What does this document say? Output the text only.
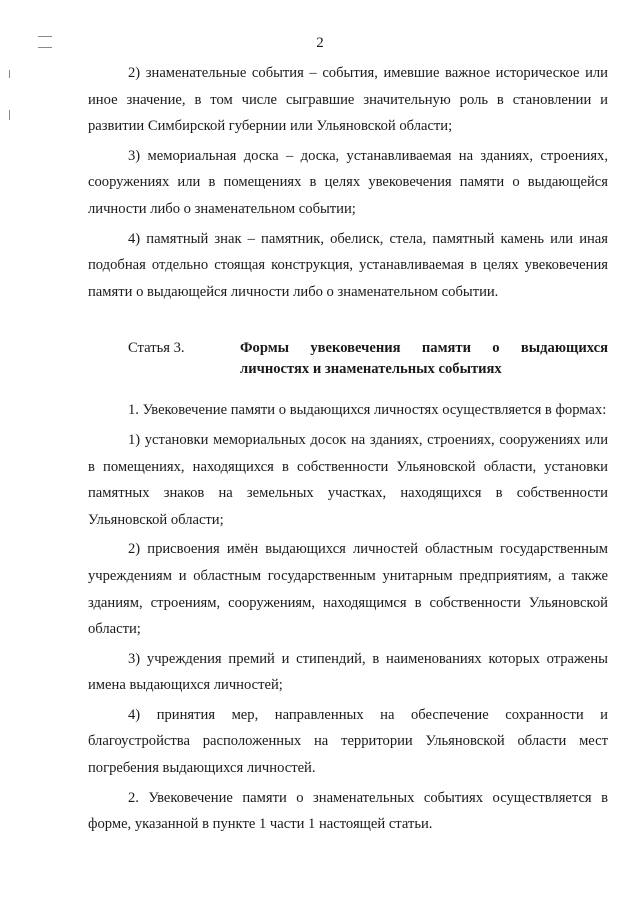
2

2) знаменательные события – события, имевшие важное историческое или иное значение, в том числе сыгравшие значительную роль в становлении и развитии Симбирской губернии или Ульяновской области;

3) мемориальная доска – доска, устанавливаемая на зданиях, строениях, сооружениях или в помещениях в целях увековечения памяти о выдающейся личности либо о знаменательном событии;

4) памятный знак – памятник, обелиск, стела, памятный камень или иная подобная отдельно стоящая конструкция, устанавливаемая в целях увековечения памяти о выдающейся личности либо о знаменательном событии.

Статья 3.	Формы увековечения памяти о выдающихся личностях и знаменательных событиях

1. Увековечение памяти о выдающихся личностях осуществляется в формах:

1) установки мемориальных досок на зданиях, строениях, сооружениях или в помещениях, находящихся в собственности Ульяновской области, установки памятных знаков на земельных участках, находящихся в собственности Ульяновской области;

2) присвоения имён выдающихся личностей областным государственным учреждениям и областным государственным унитарным предприятиям, а также зданиям, строениям, сооружениям, находящимся в собственности Ульяновской области;

3) учреждения премий и стипендий, в наименованиях которых отражены имена выдающихся личностей;

4) принятия мер, направленных на обеспечение сохранности и благоустройства расположенных на территории Ульяновской области мест погребения выдающихся личностей.

2. Увековечение памяти о знаменательных событиях осуществляется в форме, указанной в пункте 1 части 1 настоящей статьи.
